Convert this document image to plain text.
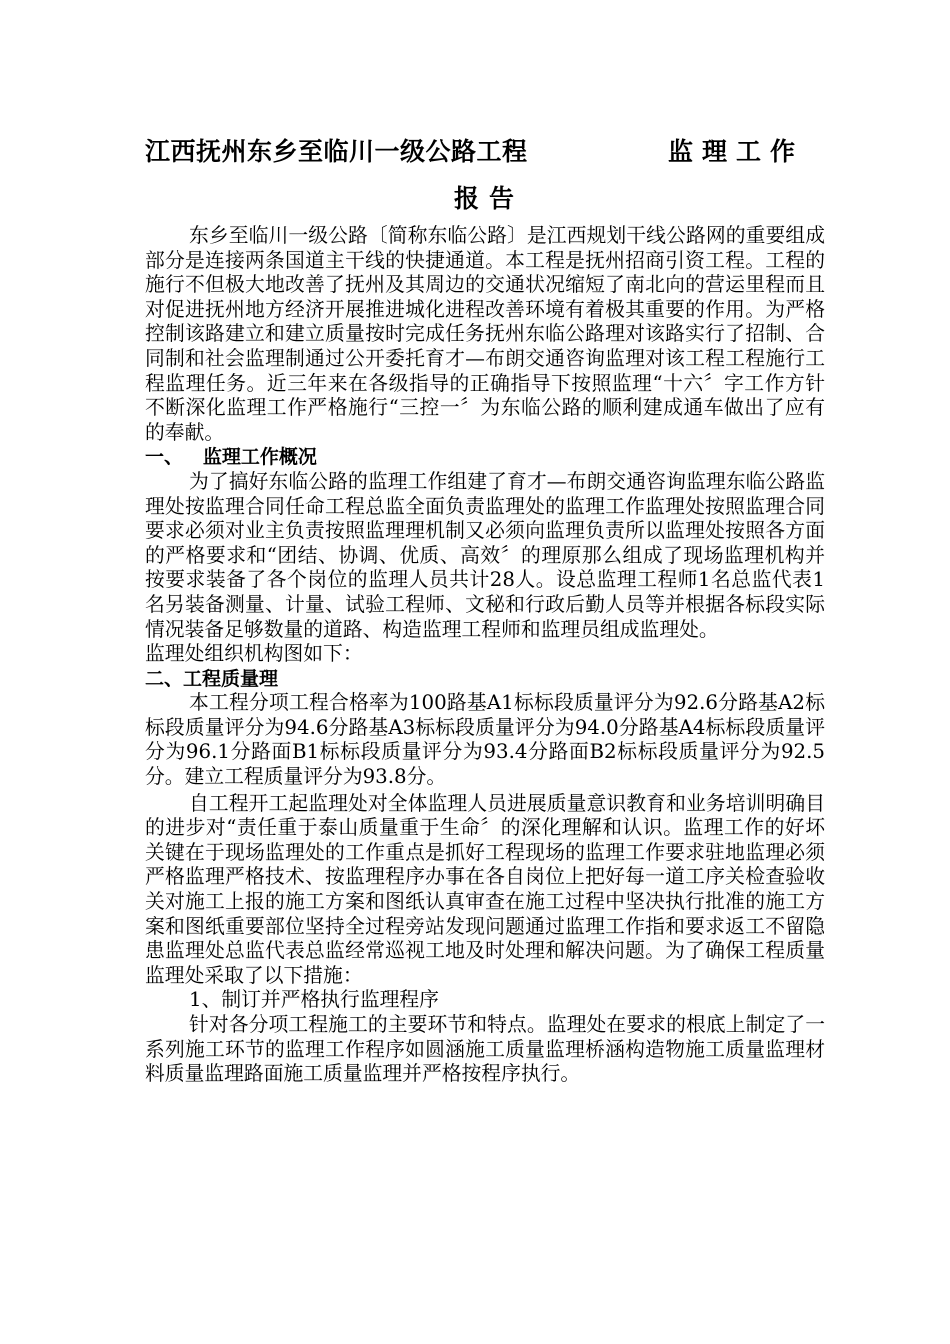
江西抚州东乡至临川一级公路工程	监理工作
报告

东乡至临川一级公路〔简称东临公路〕是江西规划干线公路网的重要组成部分是连接两条国道主干线的快捷通道。本工程是抚州招商引资工程。工程的施行不但极大地改善了抚州及其周边的交通状况缩短了南北向的营运里程而且对促进抚州地方经济开展推进城化进程改善环境有着极其重要的作用。为严格控制该路建立和建立质量按时完成任务抚州东临公路理对该路实行了招制、合同制和社会监理制通过公开委托育才—布朗交通咨询监理对该工程工程施行工程监理任务。近三年来在各级指导的正确指导下按照监理“十六〞字工作方针不断深化监理工作严格施行“三控一〞为东临公路的顺利建成通车做出了应有的奉献。

一、   监理工作概况

为了搞好东临公路的监理工作组建了育才—布朗交通咨询监理东临公路监理处按监理合同任命工程总监全面负责监理处的监理工作监理处按照监理合同要求必须对业主负责按照监理理机制又必须向监理负责所以监理处按照各方面的严格要求和“团结、协调、优质、高效〞的理原那么组成了现场监理机构并按要求装备了各个岗位的监理人员共计28人。设总监理工程师1名总监代表1名另装备测量、计量、试验工程师、文秘和行政后勤人员等并根据各标段实际情况装备足够数量的道路、构造监理工程师和监理员组成监理处。

监理处组织机构图如下：

二、工程质量理

本工程分项工程合格率为100路基A1标标段质量评分为92.6分路基A2标标段质量评分为94.6分路基A3标标段质量评分为94.0分路基A4标标段质量评分为96.1分路面B1标标段质量评分为93.4分路面B2标标段质量评分为92.5分。建立工程质量评分为93.8分。

自工程开工起监理处对全体监理人员进展质量意识教育和业务培训明确目的进步对“责任重于泰山质量重于生命〞的深化理解和认识。监理工作的好坏关键在于现场监理处的工作重点是抓好工程现场的监理工作要求驻地监理必须严格监理严格技术、按监理程序办事在各自岗位上把好每一道工序关检查验收关对施工上报的施工方案和图纸认真审查在施工过程中坚决执行批准的施工方案和图纸重要部位坚持全过程旁站发现问题通过监理工作指和要求返工不留隐患监理处总监代表总监经常巡视工地及时处理和解决问题。为了确保工程质量监理处采取了以下措施：

1、制订并严格执行监理程序

针对各分项工程施工的主要环节和特点。监理处在要求的根底上制定了一系列施工环节的监理工作程序如圆涵施工质量监理桥涵构造物施工质量监理材料质量监理路面施工质量监理并严格按程序执行。
